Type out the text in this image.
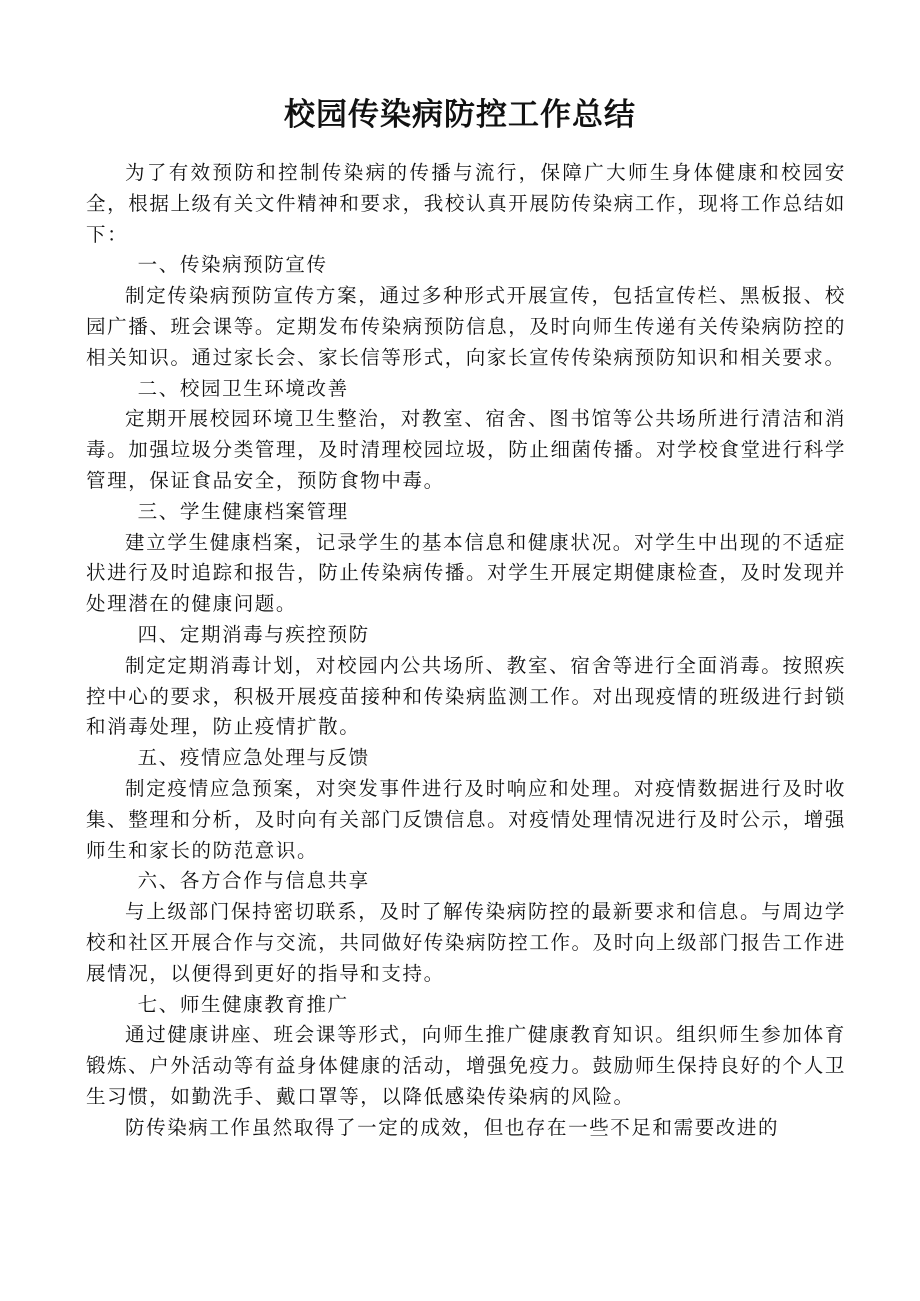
校园传染病防控工作总结

为了有效预防和控制传染病的传播与流行，保障广大师生身体健康和校园安全，根据上级有关文件精神和要求，我校认真开展防传染病工作，现将工作总结如下：

一、传染病预防宣传

制定传染病预防宣传方案，通过多种形式开展宣传，包括宣传栏、黑板报、校园广播、班会课等。定期发布传染病预防信息，及时向师生传递有关传染病防控的相关知识。通过家长会、家长信等形式，向家长宣传传染病预防知识和相关要求。

二、校园卫生环境改善

定期开展校园环境卫生整治，对教室、宿舍、图书馆等公共场所进行清洁和消毒。加强垃圾分类管理，及时清理校园垃圾，防止细菌传播。对学校食堂进行科学管理，保证食品安全，预防食物中毒。

三、学生健康档案管理

建立学生健康档案，记录学生的基本信息和健康状况。对学生中出现的不适症状进行及时追踪和报告，防止传染病传播。对学生开展定期健康检查，及时发现并处理潜在的健康问题。

四、定期消毒与疾控预防

制定定期消毒计划，对校园内公共场所、教室、宿舍等进行全面消毒。按照疾控中心的要求，积极开展疫苗接种和传染病监测工作。对出现疫情的班级进行封锁和消毒处理，防止疫情扩散。

五、疫情应急处理与反馈

制定疫情应急预案，对突发事件进行及时响应和处理。对疫情数据进行及时收集、整理和分析，及时向有关部门反馈信息。对疫情处理情况进行及时公示，增强师生和家长的防范意识。

六、各方合作与信息共享

与上级部门保持密切联系，及时了解传染病防控的最新要求和信息。与周边学校和社区开展合作与交流，共同做好传染病防控工作。及时向上级部门报告工作进展情况，以便得到更好的指导和支持。

七、师生健康教育推广

通过健康讲座、班会课等形式，向师生推广健康教育知识。组织师生参加体育锻炼、户外活动等有益身体健康的活动，增强免疫力。鼓励师生保持良好的个人卫生习惯，如勤洗手、戴口罩等，以降低感染传染病的风险。

防传染病工作虽然取得了一定的成效，但也存在一些不足和需要改进的
